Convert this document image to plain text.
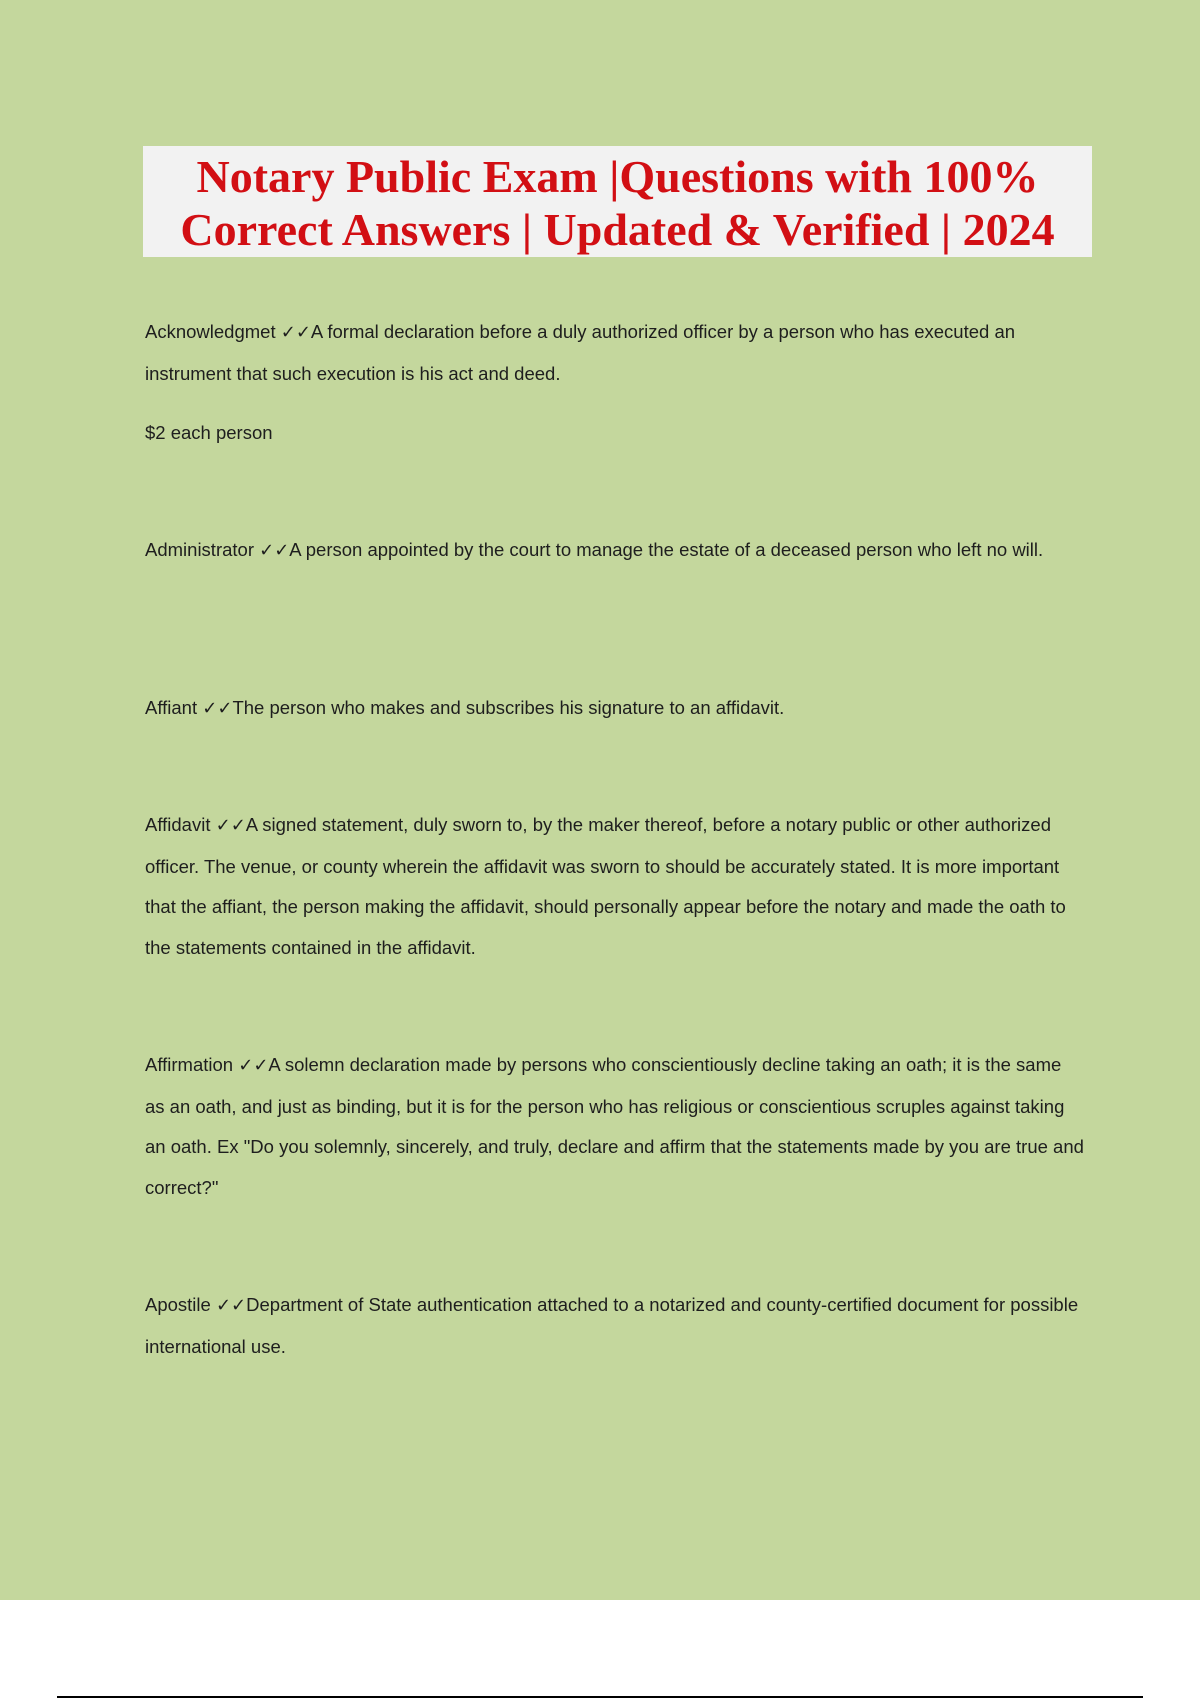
Notary Public Exam |Questions with 100%
Correct Answers | Updated & Verified | 2024

Acknowledgmet ✓✓A formal declaration before a duly authorized officer by a person who has executed an instrument that such execution is his act and deed.

$2 each person

Administrator ✓✓A person appointed by the court to manage the estate of a deceased person who left no will.

Affiant ✓✓The person who makes and subscribes his signature to an affidavit.

Affidavit ✓✓A signed statement, duly sworn to, by the maker thereof, before a notary public or other authorized officer. The venue, or county wherein the affidavit was sworn to should be accurately stated. It is more important that the affiant, the person making the affidavit, should personally appear before the notary and made the oath to the statements contained in the affidavit.

Affirmation ✓✓A solemn declaration made by persons who conscientiously decline taking an oath; it is the same as an oath, and just as binding, but it is for the person who has religious or conscientious scruples against taking an oath. Ex "Do you solemnly, sincerely, and truly, declare and affirm that the statements made by you are true and correct?"

Apostile ✓✓Department of State authentication attached to a notarized and county-certified document for possible international use.
